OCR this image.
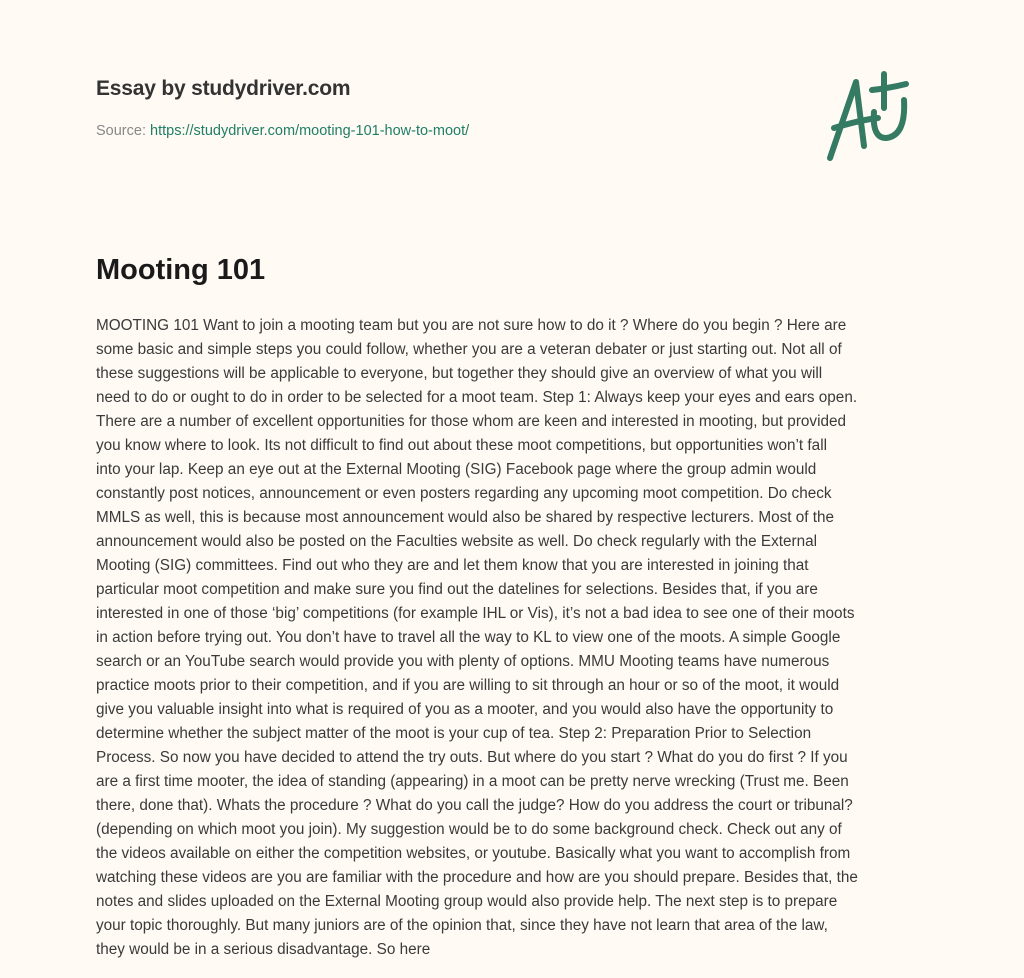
Essay by studydriver.com
Source: https://studydriver.com/mooting-101-how-to-moot/
Mooting 101
MOOTING 101 Want to join a mooting team but you are not sure how to do it ? Where do you begin ? Here are
some basic and simple steps you could follow, whether you are a veteran debater or just starting out. Not all of
these suggestions will be applicable to everyone, but together they should give an overview of what you will
need to do or ought to do in order to be selected for a moot team. Step 1: Always keep your eyes and ears open.
There are a number of excellent opportunities for those whom are keen and interested in mooting, but provided
you know where to look. Its not difficult to find out about these moot competitions, but opportunities won’t fall
into your lap. Keep an eye out at the External Mooting (SIG) Facebook page where the group admin would
constantly post notices, announcement or even posters regarding any upcoming moot competition. Do check
MMLS as well, this is because most announcement would also be shared by respective lecturers. Most of the
announcement would also be posted on the Faculties website as well. Do check regularly with the External
Mooting (SIG) committees. Find out who they are and let them know that you are interested in joining that
particular moot competition and make sure you find out the datelines for selections. Besides that, if you are
interested in one of those ‘big’ competitions (for example IHL or Vis), it’s not a bad idea to see one of their moots
in action before trying out. You don’t have to travel all the way to KL to view one of the moots. A simple Google
search or an YouTube search would provide you with plenty of options. MMU Mooting teams have numerous
practice moots prior to their competition, and if you are willing to sit through an hour or so of the moot, it would
give you valuable insight into what is required of you as a mooter, and you would also have the opportunity to
determine whether the subject matter of the moot is your cup of tea. Step 2: Preparation Prior to Selection
Process. So now you have decided to attend the try outs. But where do you start ? What do you do first ? If you
are a first time mooter, the idea of standing (appearing) in a moot can be pretty nerve wrecking (Trust me. Been
there, done that). Whats the procedure ? What do you call the judge? How do you address the court or tribunal?
(depending on which moot you join). My suggestion would be to do some background check. Check out any of
the videos available on either the competition websites, or youtube. Basically what you want to accomplish from
watching these videos are you are familiar with the procedure and how are you should prepare. Besides that, the
notes and slides uploaded on the External Mooting group would also provide help. The next step is to prepare
your topic thoroughly. But many juniors are of the opinion that, since they have not learn that area of the law,
they would be in a serious disadvantage. So here
